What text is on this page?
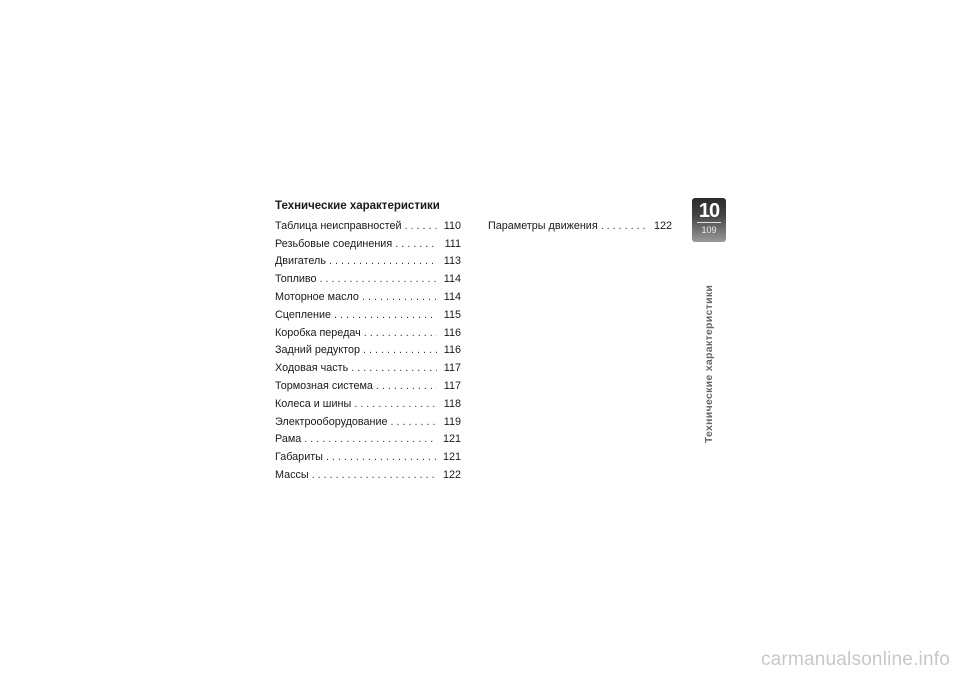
Технические характеристики
Таблица неисправностей . . .	110
Резьбовые соединения . . .	111
Двигатель . . .	113
Топливо . . .	114
Моторное масло . . .	114
Сцепление . . .	115
Коробка передач . . .	116
Задний редуктор . . .	116
Ходовая часть . . .	117
Тормозная система . . .	117
Колеса и шины . . .	118
Электрооборудование . . .	119
Рама . . .	121
Габариты . . .	121
Массы . . .	122
Параметры движения . . .	122
10
109
Технические характеристики
carmanualsonline.info
